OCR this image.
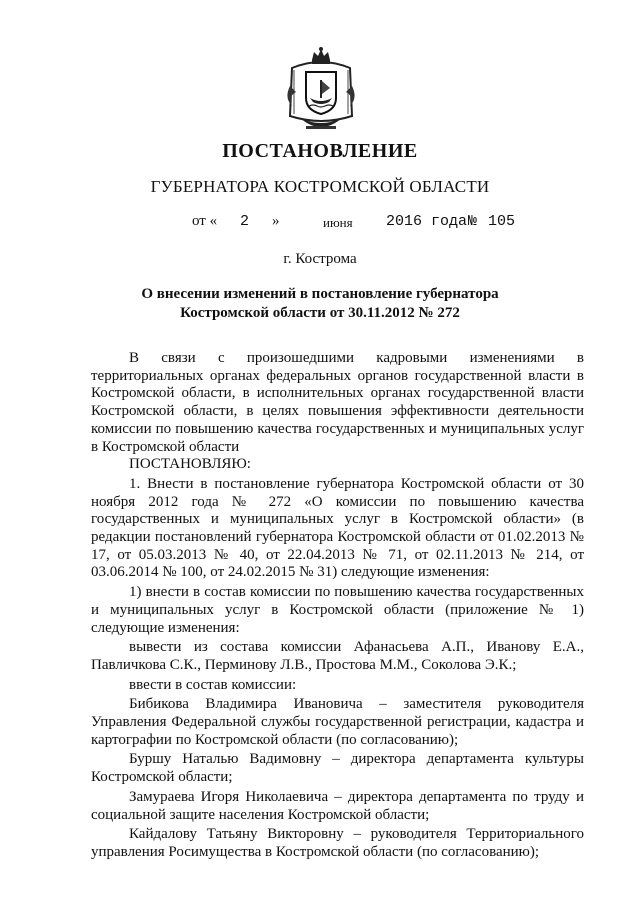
ПОСТАНОВЛЕНИЕ
ГУБЕРНАТОРА КОСТРОМСКОЙ ОБЛАСТИ
от « 2 »	июня 2016 года № 105
г. Кострома
О внесении изменений в постановление губернатора
Костромской области от 30.11.2012 № 272

В связи с произошедшими кадровыми изменениями в территориальных органах федеральных органов государственной власти в Костромской области, в исполнительных органах государственной власти Костромской области, в целях повышения эффективности деятельности комиссии по повышению качества государственных и муниципальных услуг в Костромской области

ПОСТАНОВЛЯЮ:

1. Внести в постановление губернатора Костромской области от 30 ноября 2012 года № 272 «О комиссии по повышению качества государственных и муниципальных услуг в Костромской области» (в редакции постановлений губернатора Костромской области от 01.02.2013 № 17, от 05.03.2013 № 40, от 22.04.2013 № 71, от 02.11.2013 № 214, от 03.06.2014 № 100, от 24.02.2015 № 31) следующие изменения:

1) внести в состав комиссии по повышению качества государственных и муниципальных услуг в Костромской области (приложение № 1) следующие изменения:

вывести из состава комиссии Афанасьева А.П., Иванову Е.А., Павличкова С.К., Перминову Л.В., Простова М.М., Соколова Э.К.;

ввести в состав комиссии:

Бибикова Владимира Ивановича – заместителя руководителя Управления Федеральной службы государственной регистрации, кадастра и картографии по Костромской области (по согласованию);

Буршу Наталью Вадимовну – директора департамента культуры Костромской области;

Замураева Игоря Николаевича – директора департамента по труду и социальной защите населения Костромской области;

Кайдалову Татьяну Викторовну – руководителя Территориального управления Росимущества в Костромской области (по согласованию);
